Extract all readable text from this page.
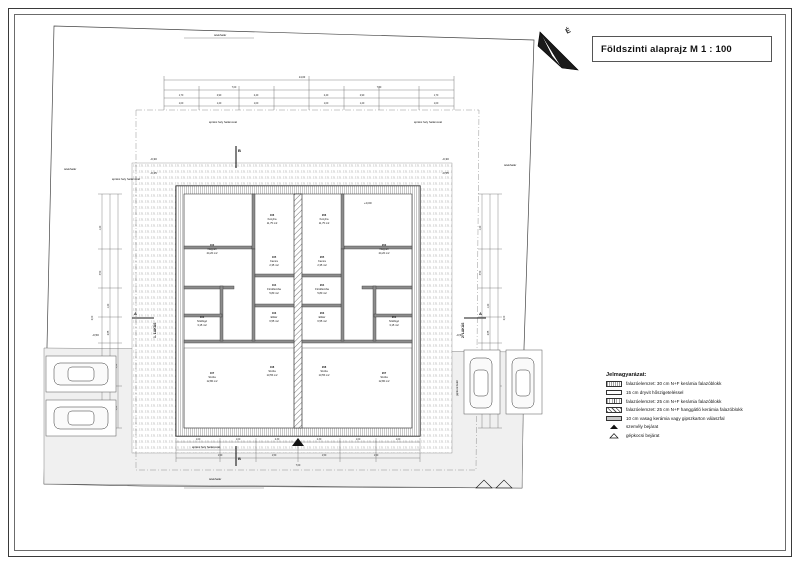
É
Földszinti alaprajz M 1 : 100
Jelmagyarázat:
falazóelemzet: 30 cm N+F kerámia falazóblokk
15 cm dryvit hőszigeteléssel
falazóelemzet: 25 cm N+F kerámia falazóblokk
falazóelemzet: 25 cm N+F hanggátló kerámia falazóblokk
10 cm vasag kerámia vagy gipszkarton válaszfal
személy bejárat
gépkocsi bejárat
14,00
7,00	7,00
1,70	2,90	2,40	2,40	2,90	1,70
1,00	1,20	1,00	1,00	1,20	1,00
telekhatár
építési hely határvonal	építési hely határvonal
telekhatár
építési hely határvonal
telekhatár
telekhatár
építési hely határvonal
106
Konyha
11,75 m2
102
Nappali
24,20 m2
105
Kamra
2,35 m2
104
Fürdőszoba
5,80 m2
103
Előtér
6,55 m2
101
Szélfogó
3,15 m2
107
Szoba
12,80 m2
108
Szoba
13,55 m2
206
Konyha
11,75 m2
202
Nappali
24,20 m2
205
Kamra
2,35 m2
204
Fürdőszoba
5,80 m2
203
Előtér
6,55 m2
201
Szélfogó
3,15 m2
207
Szoba
12,80 m2
208
Szoba
13,55 m2
1. LAKÁS	2. LAKÁS
A	A
B
B
-0,30
-0,45
-0,30
-0,55
-0,50	-0,50
+0,00
1,20
3,50
1,20
2,85
1,50
1,80
2,00
1,20
3,50
1,20
2,85
2,00
1,00	1,00	2,30	2,30	1,00	1,00
1,50	1,50	1,50	1,50
7,00
gépkocsi beálló
